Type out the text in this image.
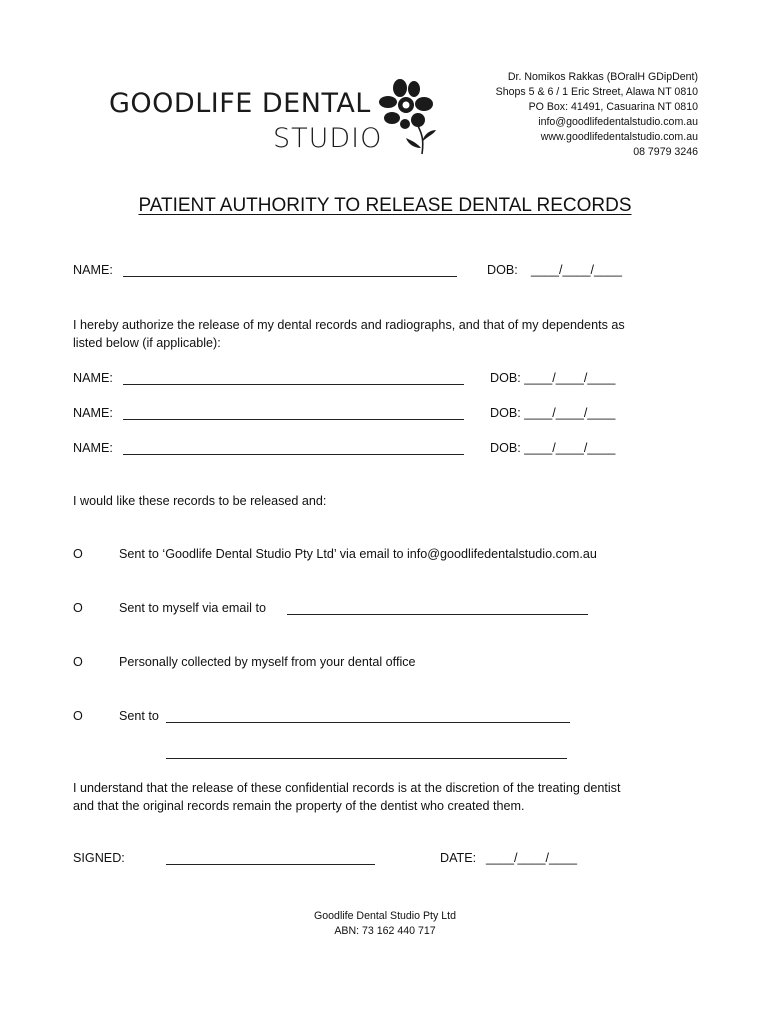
GOODLIFE DENTAL
STUDIO
Dr. Nomikos Rakkas (BOralH GDipDent)
Shops 5 & 6 / 1 Eric Street, Alawa NT 0810
PO Box: 41491, Casuarina NT 0810
info@goodlifedentalstudio.com.au
www.goodlifedentalstudio.com.au
08 7979 3246
PATIENT AUTHORITY TO RELEASE DENTAL RECORDS
NAME:	DOB: ____/____/____
I hereby authorize the release of my dental records and radiographs, and that of my dependents as
listed below (if applicable):
NAME:	DOB: ____/____/____
NAME:	DOB: ____/____/____
NAME:	DOB: ____/____/____
I would like these records to be released and:
O	Sent to ‘Goodlife Dental Studio Pty Ltd’ via email to info@goodlifedentalstudio.com.au
O	Sent to myself via email to
O	Personally collected by myself from your dental office
O	Sent to
I understand that the release of these confidential records is at the discretion of the treating dentist
and that the original records remain the property of the dentist who created them.
SIGNED:	DATE: ____/____/____
Goodlife Dental Studio Pty Ltd
ABN: 73 162 440 717
